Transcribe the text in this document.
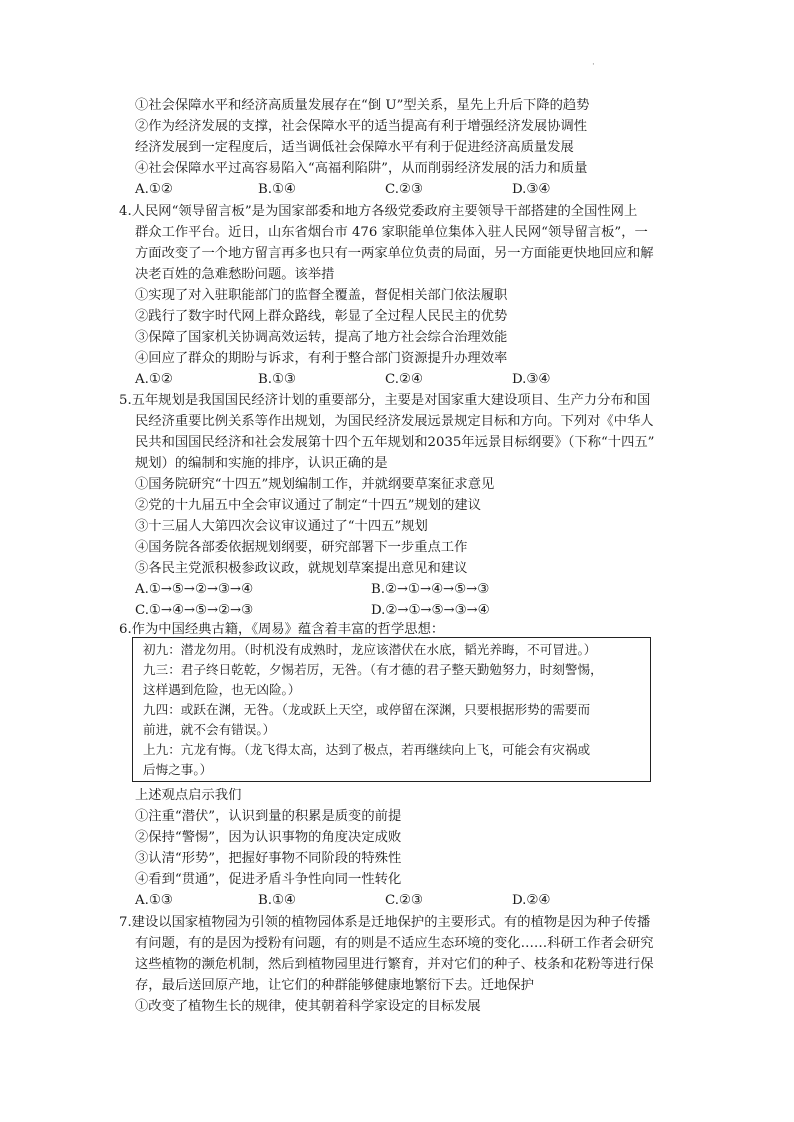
·
①社会保障水平和经济高质量发展存在“倒 U”型关系，星先上升后下降的趋势
②作为经济发展的支撑，社会保障水平的适当提高有利于增强经济发展协调性
经济发展到一定程度后，适当调低社会保障水平有利于促进经济高质量发展
④社会保障水平过高容易陷入“高福利陷阱”，从而削弱经济发展的活力和质量
A.①②	B.①④	C.②③	D.③④
4.人民网“领导留言板”是为国家部委和地方各级党委政府主要领导干部搭建的全国性网上
群众工作平台。近日，山东省烟台市 476 家职能单位集体入驻人民网“领导留言板”，一
方面改变了一个地方留言再多也只有一两家单位负责的局面，另一方面能更快地回应和解
决老百姓的急难愁盼问题。该举措
①实现了对入驻职能部门的监督全覆盖，督促相关部门依法履职
②践行了数字时代网上群众路线，彰显了全过程人民民主的优势
③保障了国家机关协调高效运转，提高了地方社会综合治理效能
④回应了群众的期盼与诉求，有利于整合部门资源提升办理效率
A.①②	B.①③	C.②④	D.③④
5.五年规划是我国国民经济计划的重要部分，主要是对国家重大建设项目、生产力分布和国
民经济重要比例关系等作出规划，为国民经济发展远景规定目标和方向。下列对《中华人
民共和国国民经济和社会发展第十四个五年规划和2035年远景目标纲要》（下称“十四五”
规划）的编制和实施的排序，认识正确的是
①国务院研究“十四五”规划编制工作，并就纲要草案征求意见
②党的十九届五中全会审议通过了制定“十四五”规划的建议
③十三届人大第四次会议审议通过了“十四五”规划
④国务院各部委依据规划纲要，研究部署下一步重点工作
⑤各民主党派积极参政议政，就规划草案提出意见和建议
A.①→⑤→②→③→④	B.②→①→④→⑤→③
C.①→④→⑤→②→③	D.②→①→⑤→③→④
6.作为中国经典古籍，《周易》蕴含着丰富的哲学思想：
初九：潜龙勿用。（时机没有成熟时，龙应该潜伏在水底，韬光养晦，不可冒进。）
九三：君子终日乾乾，夕惕若厉，无咎。（有才德的君子整天勤勉努力，时刻警惕，
这样遇到危险，也无凶险。）
九四：或跃在渊，无咎。（龙或跃上天空，或停留在深渊，只要根据形势的需要而
前进，就不会有错误。）
上九：亢龙有悔。（龙飞得太高，达到了极点，若再继续向上飞，可能会有灾祸或
后悔之事。）
上述观点启示我们
①注重“潜伏”，认识到量的积累是质变的前提
②保持“警惕”，因为认识事物的角度决定成败
③认清“形势”，把握好事物不同阶段的特殊性
④看到“贯通”，促进矛盾斗争性向同一性转化
A.①③	B.①④	C.②③	D.②④
7.建设以国家植物园为引领的植物园体系是迁地保护的主要形式。有的植物是因为种子传播
有问题，有的是因为授粉有问题，有的则是不适应生态环境的变化……科研工作者会研究
这些植物的濒危机制，然后到植物园里进行繁育，并对它们的种子、枝条和花粉等进行保
存，最后送回原产地，让它们的种群能够健康地繁衍下去。迁地保护
①改变了植物生长的规律，使其朝着科学家设定的目标发展
